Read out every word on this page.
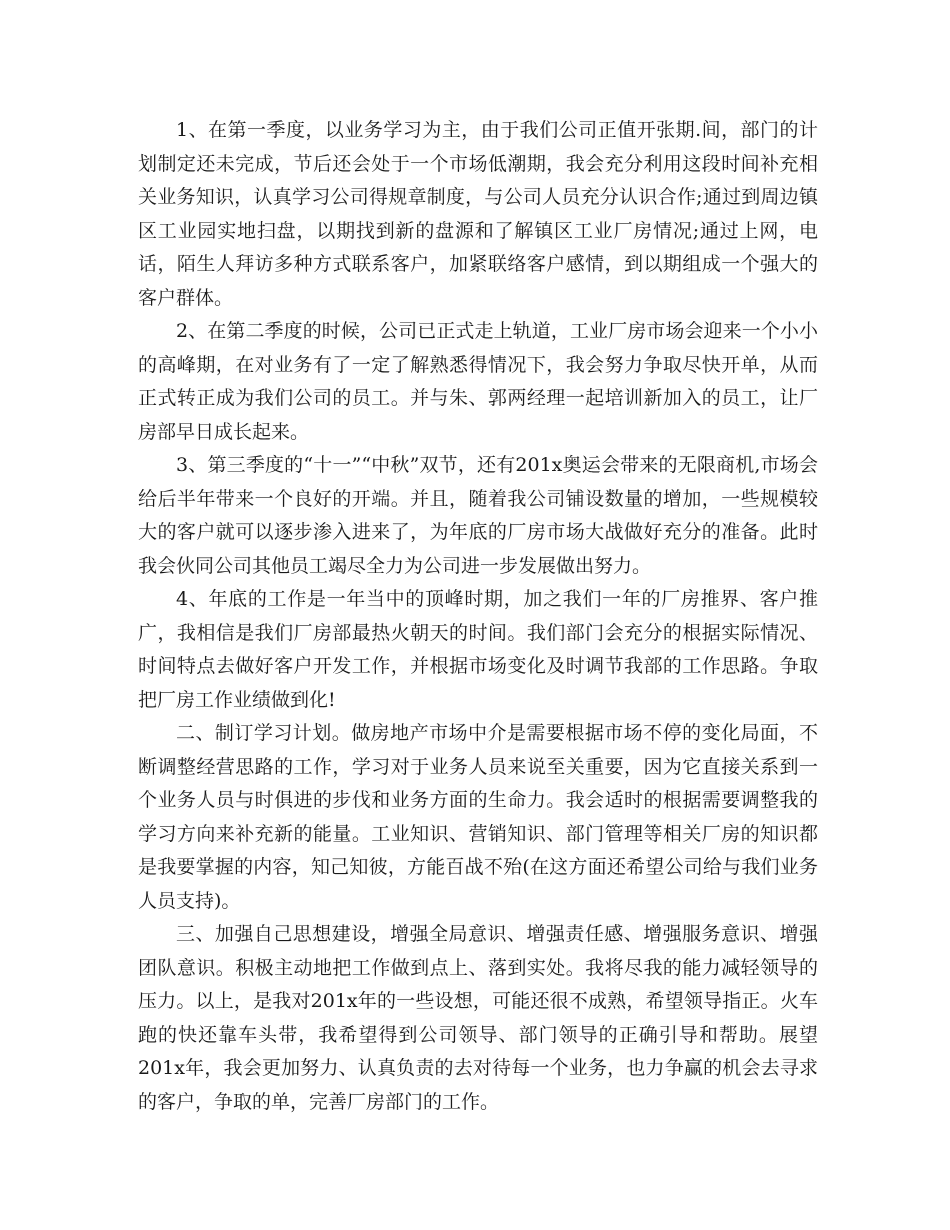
1、在第一季度，以业务学习为主，由于我们公司正值开张期.间，部门的计划制定还未完成，节后还会处于一个市场低潮期，我会充分利用这段时间补充相关业务知识，认真学习公司得规章制度，与公司人员充分认识合作;通过到周边镇区工业园实地扫盘，以期找到新的盘源和了解镇区工业厂房情况;通过上网，电话，陌生人拜访多种方式联系客户，加紧联络客户感情，到以期组成一个强大的客户群体。

2、在第二季度的时候，公司已正式走上轨道，工业厂房市场会迎来一个小小的高峰期，在对业务有了一定了解熟悉得情况下，我会努力争取尽快开单，从而正式转正成为我们公司的员工。并与朱、郭两经理一起培训新加入的员工，让厂房部早日成长起来。

3、第三季度的“十一”“中秋”双节，还有201x奥运会带来的无限商机,市场会给后半年带来一个良好的开端。并且，随着我公司铺设数量的增加，一些规模较大的客户就可以逐步渗入进来了，为年底的厂房市场大战做好充分的准备。此时我会伙同公司其他员工竭尽全力为公司进一步发展做出努力。

4、年底的工作是一年当中的顶峰时期，加之我们一年的厂房推界、客户推广，我相信是我们厂房部最热火朝天的时间。我们部门会充分的根据实际情况、时间特点去做好客户开发工作，并根据市场变化及时调节我部的工作思路。争取把厂房工作业绩做到化!

二、制订学习计划。做房地产市场中介是需要根据市场不停的变化局面，不断调整经营思路的工作，学习对于业务人员来说至关重要，因为它直接关系到一个业务人员与时俱进的步伐和业务方面的生命力。我会适时的根据需要调整我的学习方向来补充新的能量。工业知识、营销知识、部门管理等相关厂房的知识都是我要掌握的内容，知己知彼，方能百战不殆(在这方面还希望公司给与我们业务人员支持)。

三、加强自己思想建设，增强全局意识、增强责任感、增强服务意识、增强团队意识。积极主动地把工作做到点上、落到实处。我将尽我的能力减轻领导的压力。以上，是我对201x年的一些设想，可能还很不成熟，希望领导指正。火车跑的快还靠车头带，我希望得到公司领导、部门领导的正确引导和帮助。展望201x年，我会更加努力、认真负责的去对待每一个业务，也力争赢的机会去寻求的客户，争取的单，完善厂房部门的工作。
